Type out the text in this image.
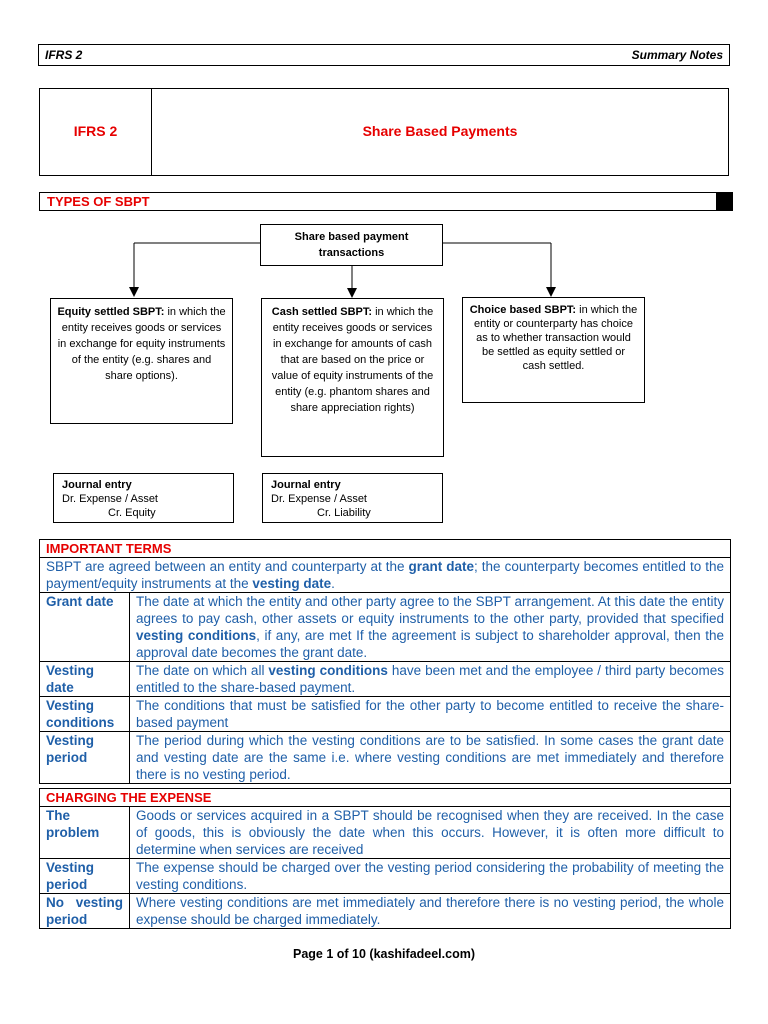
IFRS 2	Summary Notes
IFRS 2	Share Based Payments
TYPES OF SBPT
Share based payment transactions
Equity settled SBPT: in which the entity receives goods or services in exchange for equity instruments of the entity (e.g. shares and share options).
Cash settled SBPT: in which the entity receives goods or services in exchange for amounts of cash that are based on the price or value of equity instruments of the entity (e.g. phantom shares and share appreciation rights)
Choice based SBPT: in which the entity or counterparty has choice as to whether transaction would be settled as equity settled or cash settled.
Journal entry
Dr. Expense / Asset
Cr. Equity
Journal entry
Dr. Expense / Asset
Cr. Liability
IMPORTANT TERMS	
SBPT are agreed between an entity and counterparty at the grant date; the counterparty becomes entitled to the payment/equity instruments at the vesting date.	
Grant date	The date at which the entity and other party agree to the SBPT arrangement. At this date the entity agrees to pay cash, other assets or equity instruments to the other party, provided that specified vesting conditions, if any, are met If the agreement is subject to shareholder approval, then the approval date becomes the grant date.
Vesting date	The date on which all vesting conditions have been met and the employee / third party becomes entitled to the share-based payment.
Vesting conditions	The conditions that must be satisfied for the other party to become entitled to receive the share-based payment
Vesting period	The period during which the vesting conditions are to be satisfied. In some cases the grant date and vesting date are the same i.e. where vesting conditions are met immediately and therefore there is no vesting period.
CHARGING THE EXPENSE	
The problem	Goods or services acquired in a SBPT should be recognised when they are received. In the case of goods, this is obviously the date when this occurs. However, it is often more difficult to determine when services are received
Vesting period	The expense should be charged over the vesting period considering the probability of meeting the vesting conditions.
No vesting period	Where vesting conditions are met immediately and therefore there is no vesting period, the whole expense should be charged immediately.
Page 1 of 10 (kashifadeel.com)
